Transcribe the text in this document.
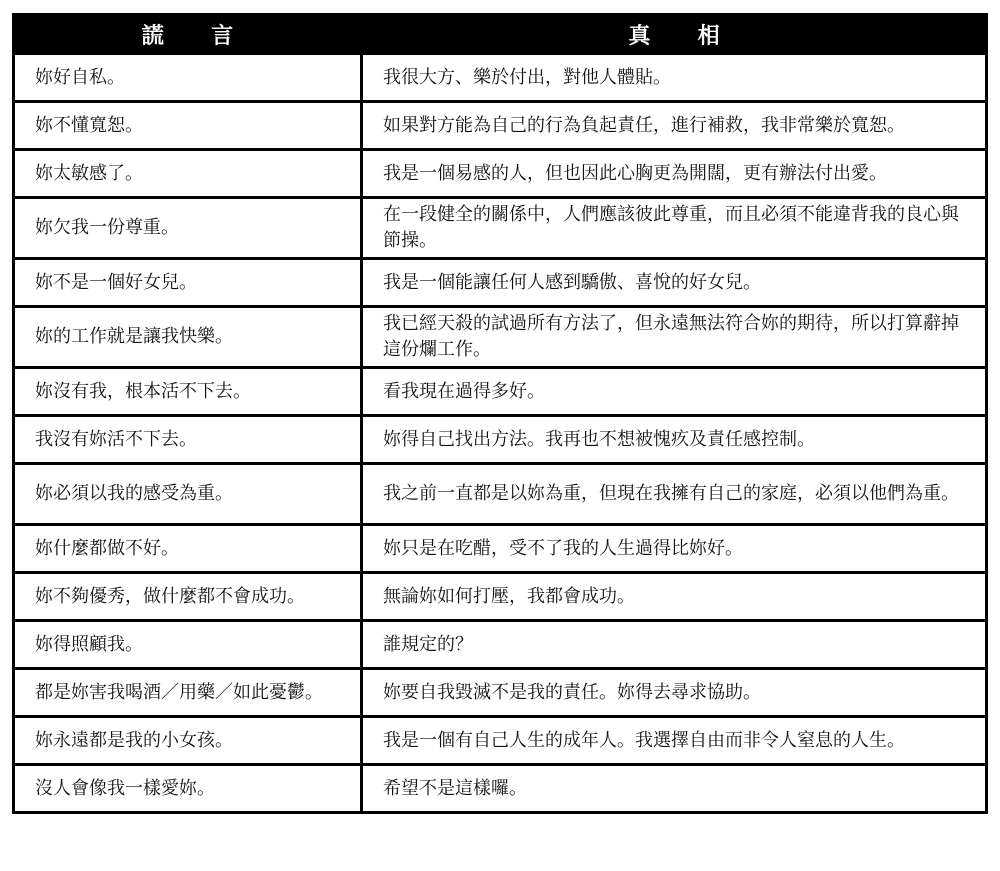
謊 言	真 相
妳好自私。	我很大方、樂於付出，對他人體貼。
妳不懂寬恕。	如果對方能為自己的行為負起責任，進行補救，我非常樂於寬恕。
妳太敏感了。	我是一個易感的人，但也因此心胸更為開闊，更有辦法付出愛。
妳欠我一份尊重。	在一段健全的關係中，人們應該彼此尊重，而且必須不能違背我的良心與節操。
妳不是一個好女兒。	我是一個能讓任何人感到驕傲、喜悅的好女兒。
妳的工作就是讓我快樂。	我已經天殺的試過所有方法了，但永遠無法符合妳的期待，所以打算辭掉這份爛工作。
妳沒有我，根本活不下去。	看我現在過得多好。
我沒有妳活不下去。	妳得自己找出方法。我再也不想被愧疚及責任感控制。
妳必須以我的感受為重。	我之前一直都是以妳為重，但現在我擁有自己的家庭，必須以他們為重。
妳什麼都做不好。	妳只是在吃醋，受不了我的人生過得比妳好。
妳不夠優秀，做什麼都不會成功。	無論妳如何打壓，我都會成功。
妳得照顧我。	誰規定的？
都是妳害我喝酒／用藥／如此憂鬱。	妳要自我毀滅不是我的責任。妳得去尋求協助。
妳永遠都是我的小女孩。	我是一個有自己人生的成年人。我選擇自由而非令人窒息的人生。
沒人會像我一樣愛妳。	希望不是這樣囉。
